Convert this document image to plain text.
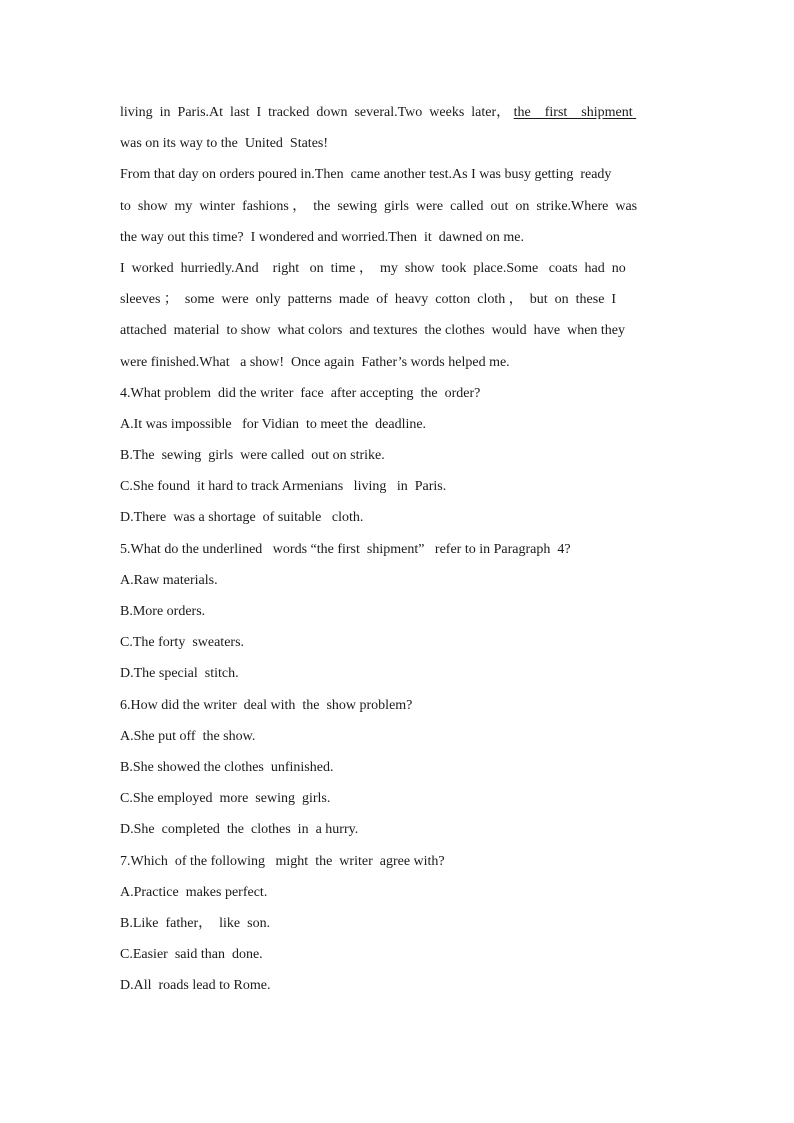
living  in  Paris.At  last  I  tracked  down  several.Two  weeks  later， the    first    shipment
was on its way to the  United  States!
From that day on orders poured in.Then  came another test.As I was busy getting  ready
to  show  my  winter  fashions ，  the  sewing  girls  were  called  out  on  strike.Where  was
the way out this time?  I wondered and worried.Then  it  dawned on me.
I  worked  hurriedly.And    right   on  time ，  my  show  took  place.Some   coats  had  no
sleeves ；  some  were  only  patterns  made  of  heavy  cotton  cloth ，  but  on  these  I
attached  material  to show  what colors  and textures  the clothes  would  have  when they
were finished.What   a show!  Once again  Father’s words helped me.
4.What problem  did the writer  face  after accepting  the  order?
A.It was impossible   for Vidian  to meet the  deadline.
B.The  sewing  girls  were called  out on strike.
C.She found  it hard to track Armenians   living   in  Paris.
D.There  was a shortage  of suitable   cloth.
5.What do the underlined   words “the first  shipment”   refer to in Paragraph  4?
A.Raw materials.
B.More orders.
C.The forty  sweaters.
D.The special  stitch.
6.How did the writer  deal with  the  show problem?
A.She put off  the show.
B.She showed the clothes  unfinished.
C.She employed  more  sewing  girls.
D.She  completed  the  clothes  in  a hurry.
7.Which  of the following   might  the  writer  agree with?
A.Practice  makes perfect.
B.Like  father，  like  son.
C.Easier  said than  done.
D.All  roads lead to Rome.
